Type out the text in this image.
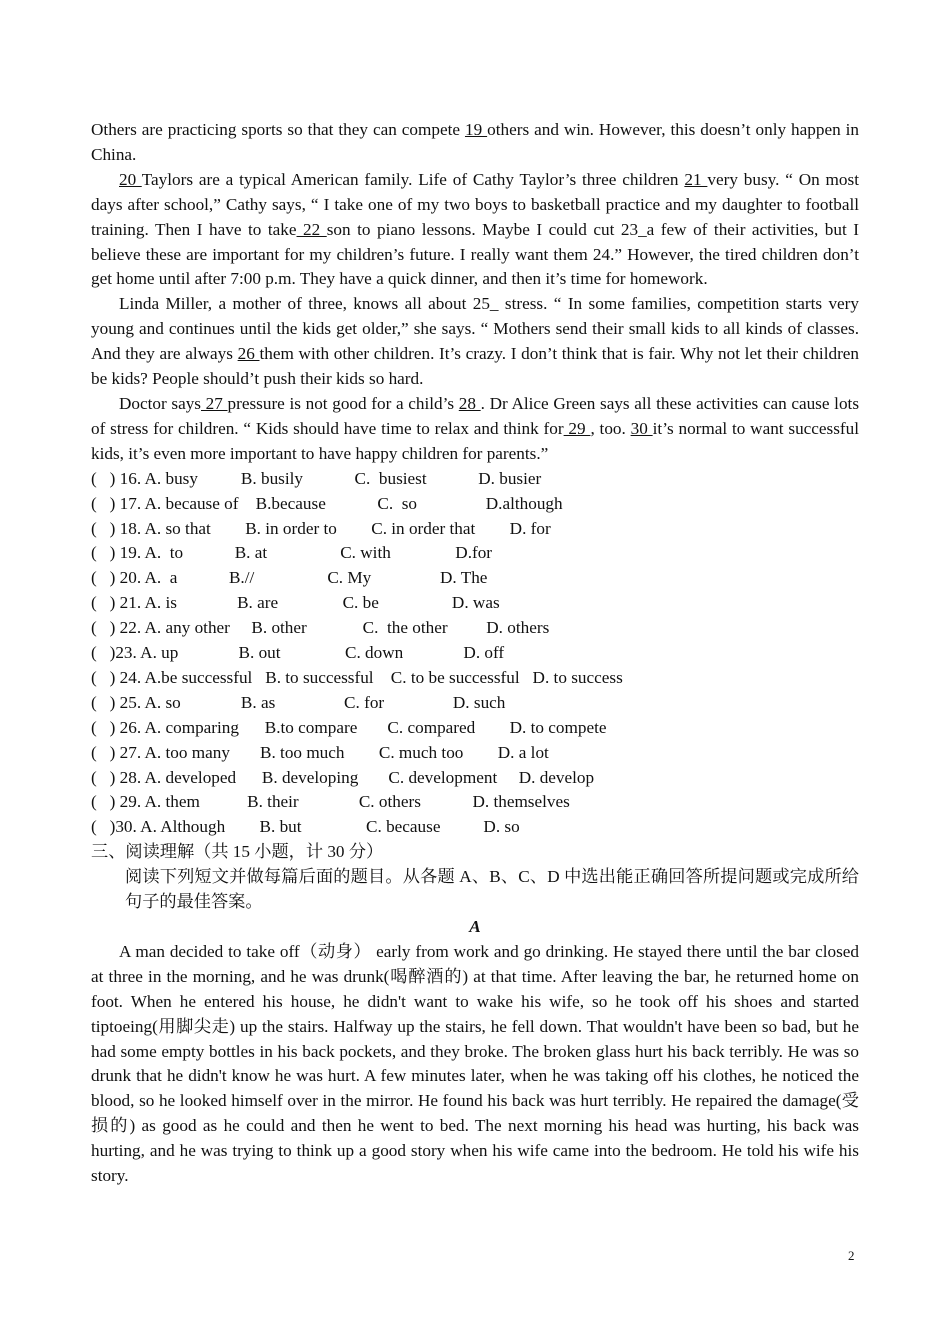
Others are practicing sports so that they can compete 19 others and win. However, this doesn’t only happen in China.

20 Taylors are a typical American family. Life of Cathy Taylor’s three children 21 very busy. “ On most days after school,” Cathy says, “ I take one of my two boys to basketball practice and my daughter to football training. Then I have to take 22 son to piano lessons. Maybe I could cut 23_a few of their activities, but I believe these are important for my children’s future. I really want them 24.” However, the tired children don’t get home until after 7:00 p.m. They have a quick dinner, and then it’s time for homework.

Linda Miller, a mother of three, knows all about 25_ stress. “ In some families, competition starts very young and continues until the kids get older,” she says. “ Mothers send their small kids to all kinds of classes. And they are always 26 them with other children. It’s crazy. I don’t think that is fair. Why not let their children be kids? People should’t push their kids so hard.

Doctor says 27 pressure is not good for a child’s 28 . Dr Alice Green says all these activities can cause lots of stress for children. “ Kids should have time to relax and think for 29 , too. 30 it’s normal to want successful kids, it’s even more important to have happy children for parents.”

(   ) 16. A. busy          B. busily            C.  busiest            D. busier

(   ) 17. A. because of    B.because            C.  so                D.although

(   ) 18. A. so that        B. in order to        C. in order that        D. for

(   ) 19. A.  to            B. at                 C. with               D.for

(   ) 20. A.  a            B.//                 C. My                D. The

(   ) 21. A. is              B. are               C. be                 D. was

(   ) 22. A. any other     B. other             C.  the other         D. others

(   )23. A. up              B. out               C. down              D. off

(   ) 24. A.be successful   B. to successful    C. to be successful   D. to success

(   ) 25. A. so              B. as                C. for                D. such

(   ) 26. A. comparing      B.to compare       C. compared        D. to compete

(   ) 27. A. too many       B. too much        C. much too        D. a lot

(   ) 28. A. developed      B. developing       C. development     D. develop

(   ) 29. A. them           B. their              C. others            D. themselves

(   )30. A. Although        B. but               C. because          D. so

三、阅读理解（共 15 小题，计 30 分）

阅读下列短文并做每篇后面的题目。从各题 A、B、C、D 中选出能正确回答所提问题或完成所给句子的最佳答案。

A

A man decided to take off（动身） early from work and go drinking. He stayed there until the bar closed at three in the morning, and he was drunk(喝醉酒的) at that time. After leaving the bar, he returned home on foot. When he entered his house, he didn't want to wake his wife, so he took off his shoes and started tiptoeing(用脚尖走) up the stairs. Halfway up the stairs, he fell down. That wouldn't have been so bad, but he had some empty bottles in his back pockets, and they broke. The broken glass hurt his back terribly. He was so drunk that he didn't know he was hurt. A few minutes later, when he was taking off his clothes, he noticed the blood, so he looked himself over in the mirror. He found his back was hurt terribly. He repaired the damage(受损的) as good as he could and then he went to bed. The next morning his head was hurting, his back was hurting, and he was trying to think up a good story when his wife came into the bedroom. He told his wife his story.

2
